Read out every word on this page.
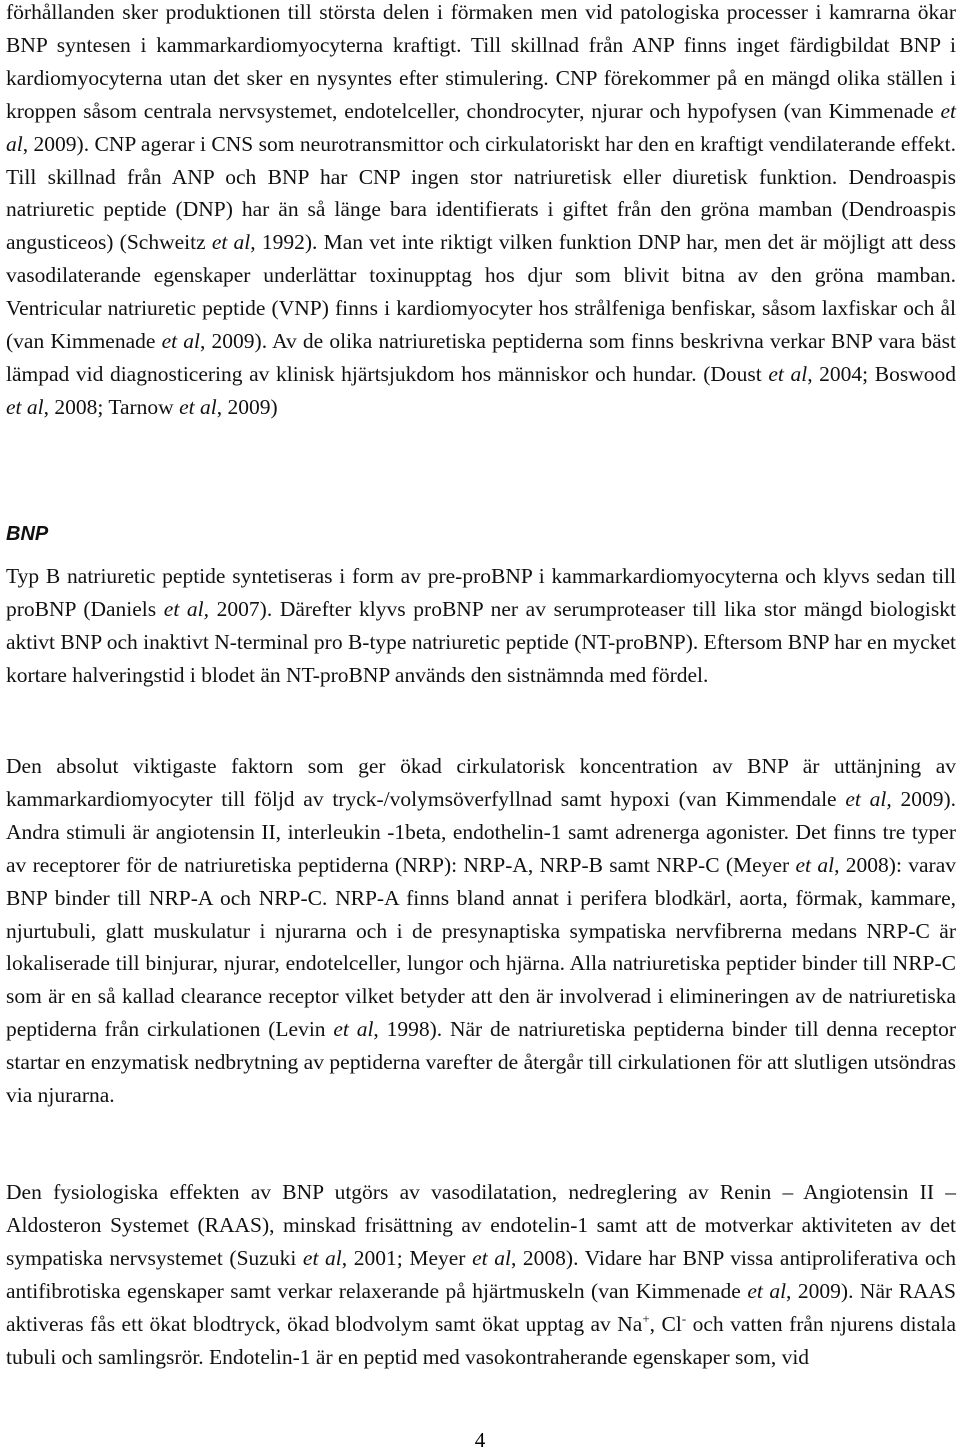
förhållanden sker produktionen till största delen i förmaken men vid patologiska processer i kamrarna ökar BNP syntesen i kammarkardiomyocyterna kraftigt. Till skillnad från ANP finns inget färdigbildat BNP i kardiomyocyterna utan det sker en nysyntes efter stimulering. CNP förekommer på en mängd olika ställen i kroppen såsom centrala nervsystemet, endotelceller, chondrocyter, njurar och hypofysen (van Kimmenade et al, 2009). CNP agerar i CNS som neurotransmittor och cirkulatoriskt har den en kraftigt vendilaterande effekt. Till skillnad från ANP och BNP har CNP ingen stor natriuretisk eller diuretisk funktion. Dendroaspis natriuretic peptide (DNP) har än så länge bara identifierats i giftet från den gröna mamban (Dendroaspis angusticeos) (Schweitz et al, 1992). Man vet inte riktigt vilken funktion DNP har, men det är möjligt att dess vasodilaterande egenskaper underlättar toxinupptag hos djur som blivit bitna av den gröna mamban. Ventricular natriuretic peptide (VNP) finns i kardiomyocyter hos strålfeniga benfiskar, såsom laxfiskar och ål (van Kimmenade et al, 2009). Av de olika natriuretiska peptiderna som finns beskrivna verkar BNP vara bäst lämpad vid diagnosticering av klinisk hjärtsjukdom hos människor och hundar. (Doust et al, 2004; Boswood et al, 2008; Tarnow et al, 2009)

BNP

Typ B natriuretic peptide syntetiseras i form av pre-proBNP i kammarkardiomyocyterna och klyvs sedan till proBNP (Daniels et al, 2007). Därefter klyvs proBNP ner av serumproteaser till lika stor mängd biologiskt aktivt BNP och inaktivt N-terminal pro B-type natriuretic peptide (NT-proBNP). Eftersom BNP har en mycket kortare halveringstid i blodet än NT-proBNP används den sistnämnda med fördel.

Den absolut viktigaste faktorn som ger ökad cirkulatorisk koncentration av BNP är uttänjning av kammarkardiomyocyter till följd av tryck-/volymsöverfyllnad samt hypoxi (van Kimmendale et al, 2009). Andra stimuli är angiotensin II, interleukin -1beta, endothelin-1 samt adrenerga agonister. Det finns tre typer av receptorer för de natriuretiska peptiderna (NRP): NRP-A, NRP-B samt NRP-C (Meyer et al, 2008): varav BNP binder till NRP-A och NRP-C. NRP-A finns bland annat i perifera blodkärl, aorta, förmak, kammare, njurtubuli, glatt muskulatur i njurarna och i de presynaptiska sympatiska nervfibrerna medans NRP-C är lokaliserade till binjurar, njurar, endotelceller, lungor och hjärna. Alla natriuretiska peptider binder till NRP-C som är en så kallad clearance receptor vilket betyder att den är involverad i elimineringen av de natriuretiska peptiderna från cirkulationen (Levin et al, 1998). När de natriuretiska peptiderna binder till denna receptor startar en enzymatisk nedbrytning av peptiderna varefter de återgår till cirkulationen för att slutligen utsöndras via njurarna.

Den fysiologiska effekten av BNP utgörs av vasodilatation, nedreglering av Renin – Angiotensin II – Aldosteron Systemet (RAAS), minskad frisättning av endotelin-1 samt att de motverkar aktiviteten av det sympatiska nervsystemet (Suzuki et al, 2001; Meyer et al, 2008). Vidare har BNP vissa antiproliferativa och antifibrotiska egenskaper samt verkar relaxerande på hjärtmuskeln (van Kimmenade et al, 2009). När RAAS aktiveras fås ett ökat blodtryck, ökad blodvolym samt ökat upptag av Na+, Cl- och vatten från njurens distala tubuli och samlingsrör. Endotelin-1 är en peptid med vasokontraherande egenskaper som, vid

4
